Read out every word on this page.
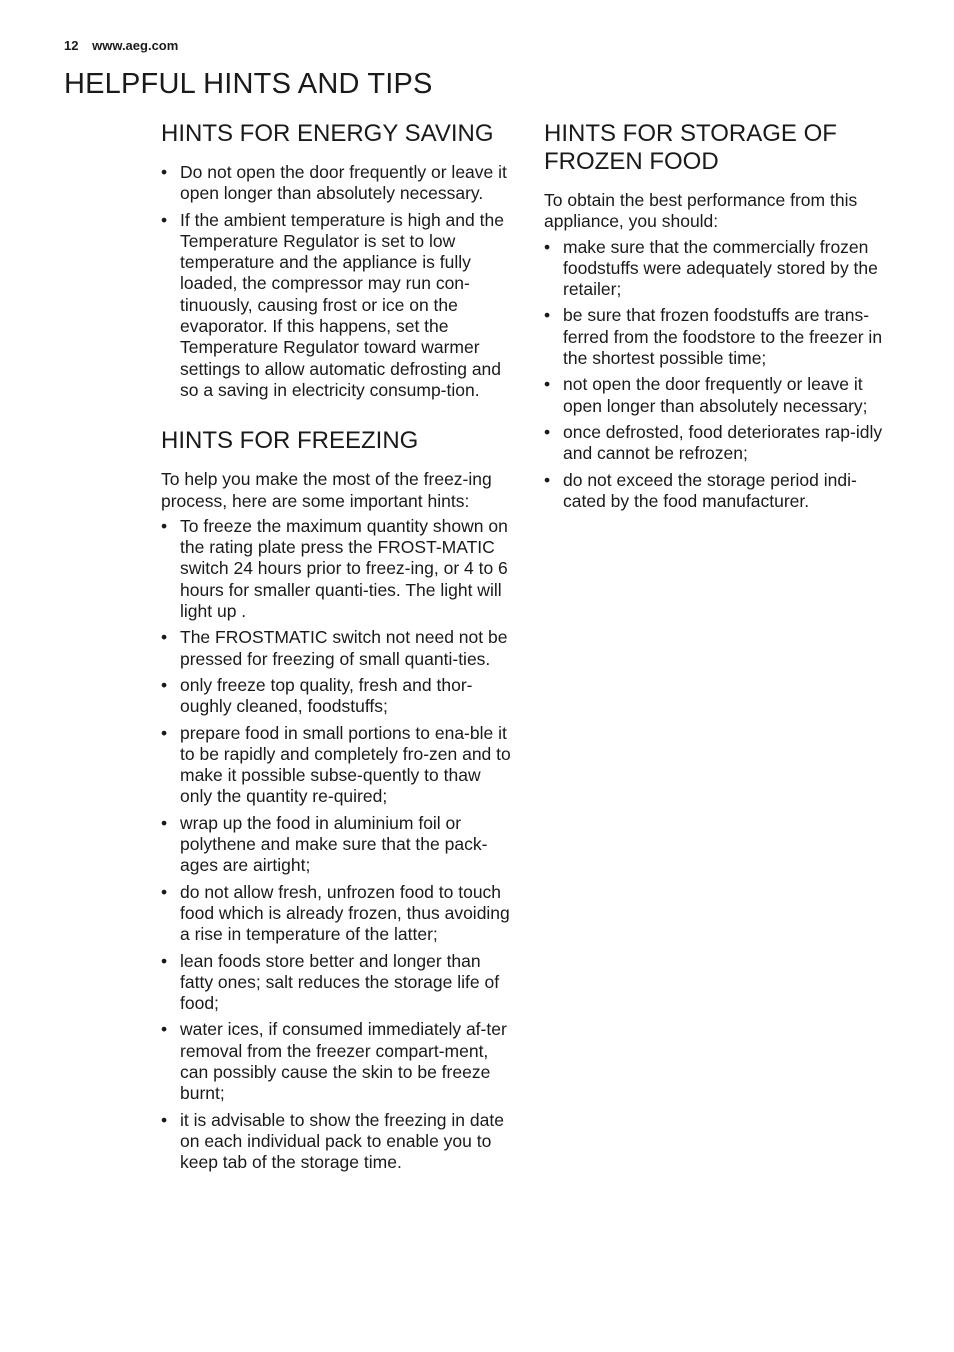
12 www.aeg.com
HELPFUL HINTS AND TIPS
HINTS FOR ENERGY SAVING
• Do not open the door frequently or leave it open longer than absolutely necessary.
• If the ambient temperature is high and the Temperature Regulator is set to low temperature and the appliance is fully loaded, the compressor may run con-tinuously, causing frost or ice on the evaporator. If this happens, set the Temperature Regulator toward warmer settings to allow automatic defrosting and so a saving in electricity consump-tion.
HINTS FOR FREEZING

To help you make the most of the freez-ing process, here are some important hints:

• To freeze the maximum quantity shown on the rating plate press the FROST-MATIC switch 24 hours prior to freez-ing, or 4 to 6 hours for smaller quanti-ties. The light will light up .
• The FROSTMATIC switch not need not be pressed for freezing of small quanti-ties.
• only freeze top quality, fresh and thor-oughly cleaned, foodstuffs;
• prepare food in small portions to ena-ble it to be rapidly and completely fro-zen and to make it possible subse-quently to thaw only the quantity re-quired;
• wrap up the food in aluminium foil or polythene and make sure that the pack-ages are airtight;
• do not allow fresh, unfrozen food to touch food which is already frozen, thus avoiding a rise in temperature of the latter;
• lean foods store better and longer than fatty ones; salt reduces the storage life of food;
• water ices, if consumed immediately af-ter removal from the freezer compart-ment, can possibly cause the skin to be freeze burnt;
• it is advisable to show the freezing in date on each individual pack to enable you to keep tab of the storage time.
HINTS FOR STORAGE OF FROZEN FOOD

To obtain the best performance from this appliance, you should:

• make sure that the commercially frozen foodstuffs were adequately stored by the retailer;
• be sure that frozen foodstuffs are trans-ferred from the foodstore to the freezer in the shortest possible time;
• not open the door frequently or leave it open longer than absolutely necessary;
• once defrosted, food deteriorates rap-idly and cannot be refrozen;
• do not exceed the storage period indi-cated by the food manufacturer.
